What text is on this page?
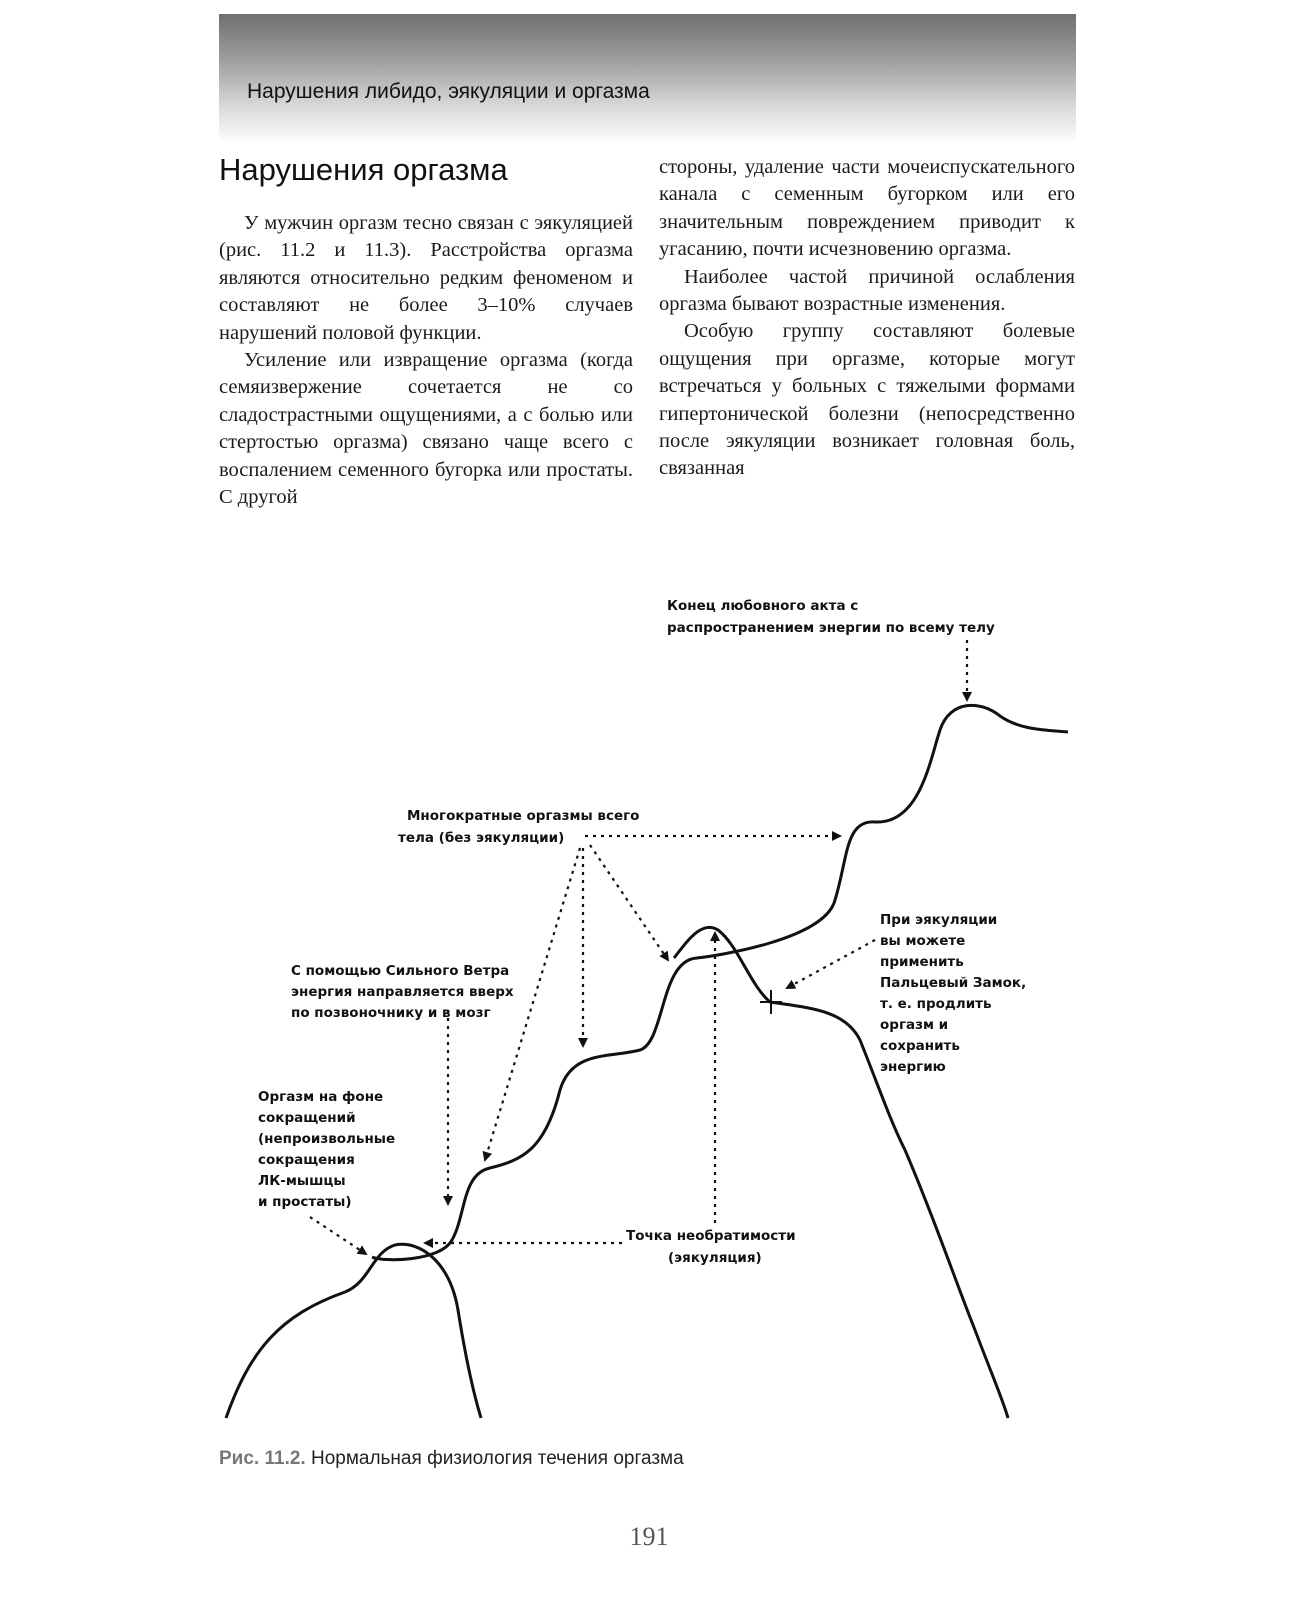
Нарушения либидо, эякуляции и оргазма
Нарушения оргазма

У мужчин оргазм тесно связан с эякуляцией (рис. 11.2 и 11.3). Расстройства оргазма являются относительно редким феноменом и составляют не более 3–10% случаев нарушений половой функции.

Усиление или извращение оргазма (когда семяизвержение сочетается не со сладострастными ощущениями, а с болью или стертостью оргазма) связано чаще всего с воспалением семенного бугорка или простаты. С другой

стороны, удаление части мочеиспускательного канала с семенным бугорком или его значительным повреждением приводит к угасанию, почти исчезновению оргазма.

Наиболее частой причиной ослабления оргазма бывают возрастные изменения.

Особую группу составляют болевые ощущения при оргазме, которые могут встречаться у больных с тяжелыми формами гипертонической болезни (непосредственно после эякуляции возникает головная боль, связанная

Конец любовного акта с распространением энергии по всему телу
Многократные оргазмы всего тела (без эякуляции)
С помощью Сильного Ветра энергия направляется вверх по позвоночнику и в мозг
Оргазм на фоне сокращений (непроизвольные сокращения ЛК-мышцы и простаты)
Точка необратимости (эякуляция)
При эякуляции вы можете применить Пальцевый Замок, т. е. продлить оргазм и сохранить энергию
Рис. 11.2. Нормальная физиология течения оргазма
191
